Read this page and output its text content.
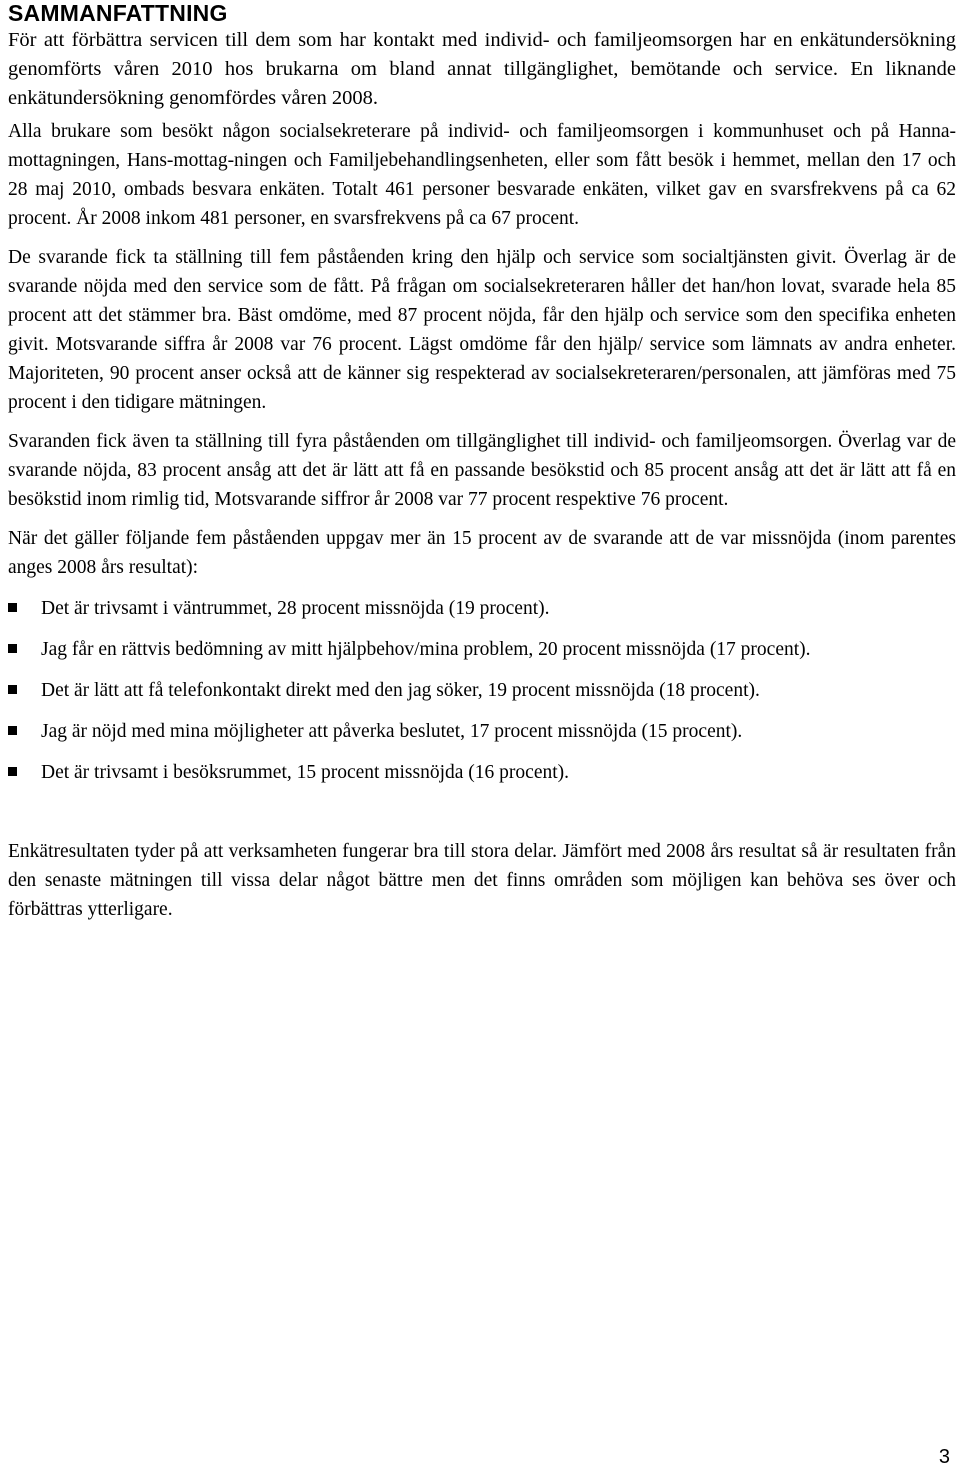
SAMMANFATTNING

För att förbättra servicen till dem som har kontakt med individ- och familjeomsorgen har en enkätundersökning genomförts våren 2010 hos brukarna om bland annat tillgänglighet, bemötande och service. En liknande enkätundersökning genomfördes våren 2008.

Alla brukare som besökt någon socialsekreterare på individ- och familjeomsorgen i kommunhuset och på Hanna-mottagningen, Hans-mottag-ningen och Familjebehandlingsenheten, eller som fått besök i hemmet, mellan den 17 och 28 maj 2010, ombads besvara enkäten. Totalt 461 personer besvarade enkäten, vilket gav en svarsfrekvens på ca 62 procent. År 2008 inkom 481 personer, en svarsfrekvens på ca 67 procent.

De svarande fick ta ställning till fem påståenden kring den hjälp och service som socialtjänsten givit. Överlag är de svarande nöjda med den service som de fått. På frågan om socialsekreteraren håller det han/hon lovat, svarade hela 85 procent att det stämmer bra. Bäst omdöme, med 87 procent nöjda, får den hjälp och service som den specifika enheten givit. Motsvarande siffra år 2008 var 76 procent. Lägst omdöme får den hjälp/ service som lämnats av andra enheter. Majoriteten, 90 procent anser också att de känner sig respekterad av socialsekreteraren/personalen, att jämföras med 75 procent i den tidigare mätningen.

Svaranden fick även ta ställning till fyra påståenden om tillgänglighet till individ- och familjeomsorgen. Överlag var de svarande nöjda, 83 procent ansåg att det är lätt att få en passande besökstid och 85 procent ansåg att det är lätt att få en besökstid inom rimlig tid, Motsvarande siffror år 2008 var 77 procent respektive 76 procent.

När det gäller följande fem påståenden uppgav mer än 15 procent av de svarande att de var missnöjda (inom parentes anges 2008 års resultat):

Det är trivsamt i väntrummet, 28 procent missnöjda (19 procent).
Jag får en rättvis bedömning av mitt hjälpbehov/mina problem, 20 procent missnöjda (17 procent).
Det är lätt att få telefonkontakt direkt med den jag söker, 19 procent missnöjda (18 procent).
Jag är nöjd med mina möjligheter att påverka beslutet, 17 procent missnöjda (15 procent).
Det är trivsamt i besöksrummet, 15 procent missnöjda (16 procent).

Enkätresultaten tyder på att verksamheten fungerar bra till stora delar. Jämfört med 2008 års resultat så är resultaten från den senaste mätningen till vissa delar något bättre men det finns områden som möjligen kan behöva ses över och förbättras ytterligare.

3
